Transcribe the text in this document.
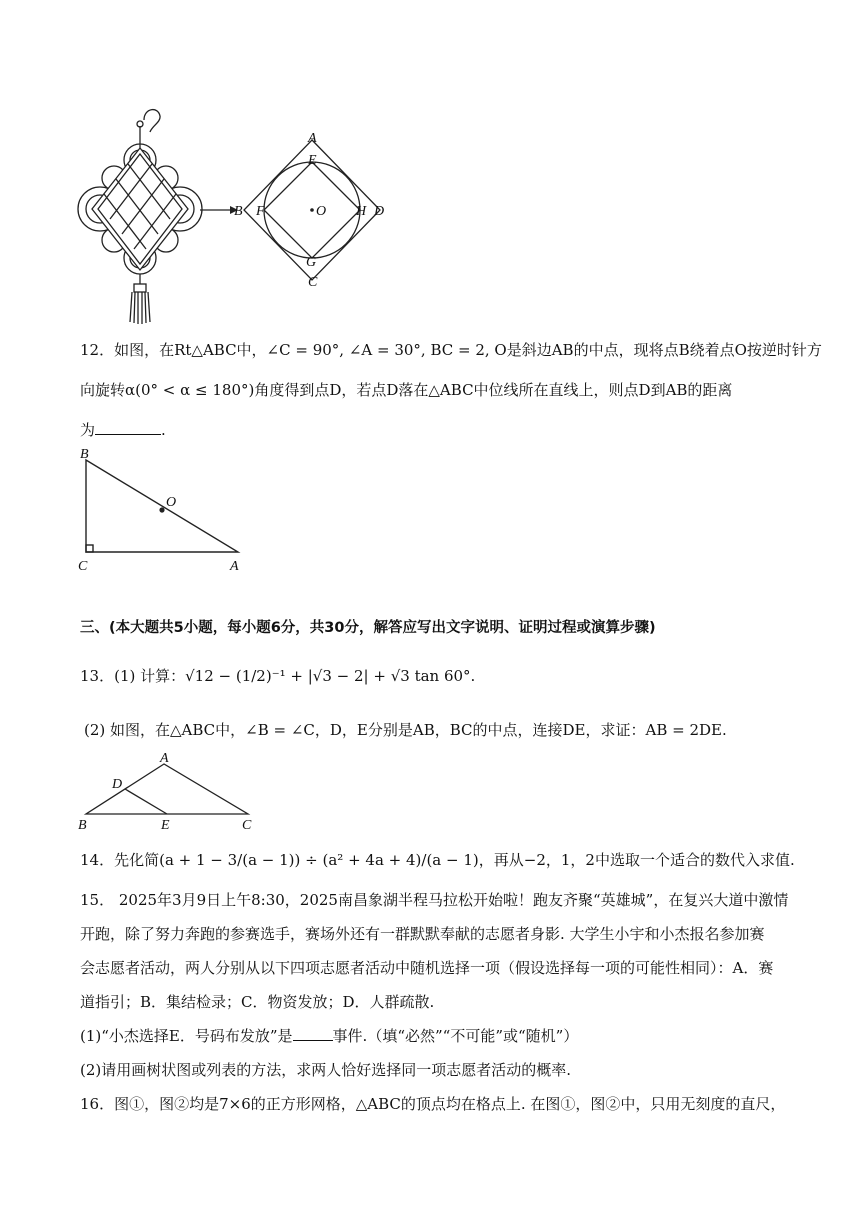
A
E
B F	O H D
G
C
12．如图，在Rt△ABC中，∠C = 90°, ∠A = 30°, BC = 2, O是斜边AB的中点，现将点B绕着点O按逆时针方
向旋转α(0° < α ≤ 180°)角度得到点D，若点D落在△ABC中位线所在直线上，则点D到AB的距离
为	.
B
O
C	A
三、(本大题共5小题，每小题6分，共30分，解答应写出文字说明、证明过程或演算步骤)
13．(1) 计算：√12 − (1/2)⁻¹ + |√3 − 2| + √3 tan 60°.
(2) 如图，在△ABC中，∠B = ∠C，D，E分别是AB，BC的中点，连接DE，求证：AB = 2DE.
A
D
B	E	C
14．先化简(a + 1 − 3/(a − 1)) ÷ (a² + 4a + 4)/(a − 1)，再从−2，1，2中选取一个适合的数代入求值.
15． 2025年3月9日上午8:30，2025南昌象湖半程马拉松开始啦！跑友齐聚“英雄城”，在复兴大道中激情
开跑，除了努力奔跑的参赛选手，赛场外还有一群默默奉献的志愿者身影. 大学生小宇和小杰报名参加赛
会志愿者活动，两人分别从以下四项志愿者活动中随机选择一项（假设选择每一项的可能性相同）：A．赛
道指引；B．集结检录；C．物资发放；D．人群疏散.
(1)“小杰选择E．号码布发放”是	事件.（填“必然”“不可能”或“随机”）
(2)请用画树状图或列表的方法，求两人恰好选择同一项志愿者活动的概率.
16．图①，图②均是7×6的正方形网格，△ABC的顶点均在格点上. 在图①，图②中，只用无刻度的直尺，
